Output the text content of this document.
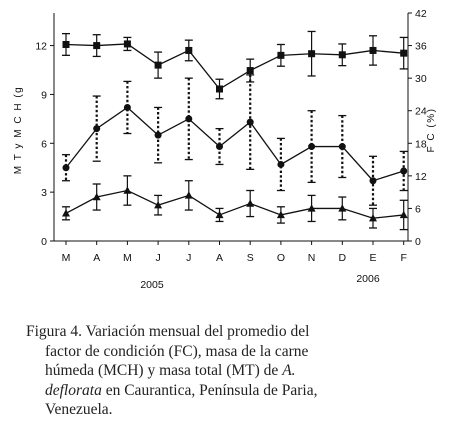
0
3
6
9
12
0
6
12
18
24
30
36
42
M A M J J A S O N D E F
M T y M C H (g	F C (%)
2005	2006
Figura 4. Variación mensual del promedio del
factor de condición (FC), masa de la carne
húmeda (MCH) y masa total (MT) de A.
deflorata en Caurantica, Península de Paria,
Venezuela.
